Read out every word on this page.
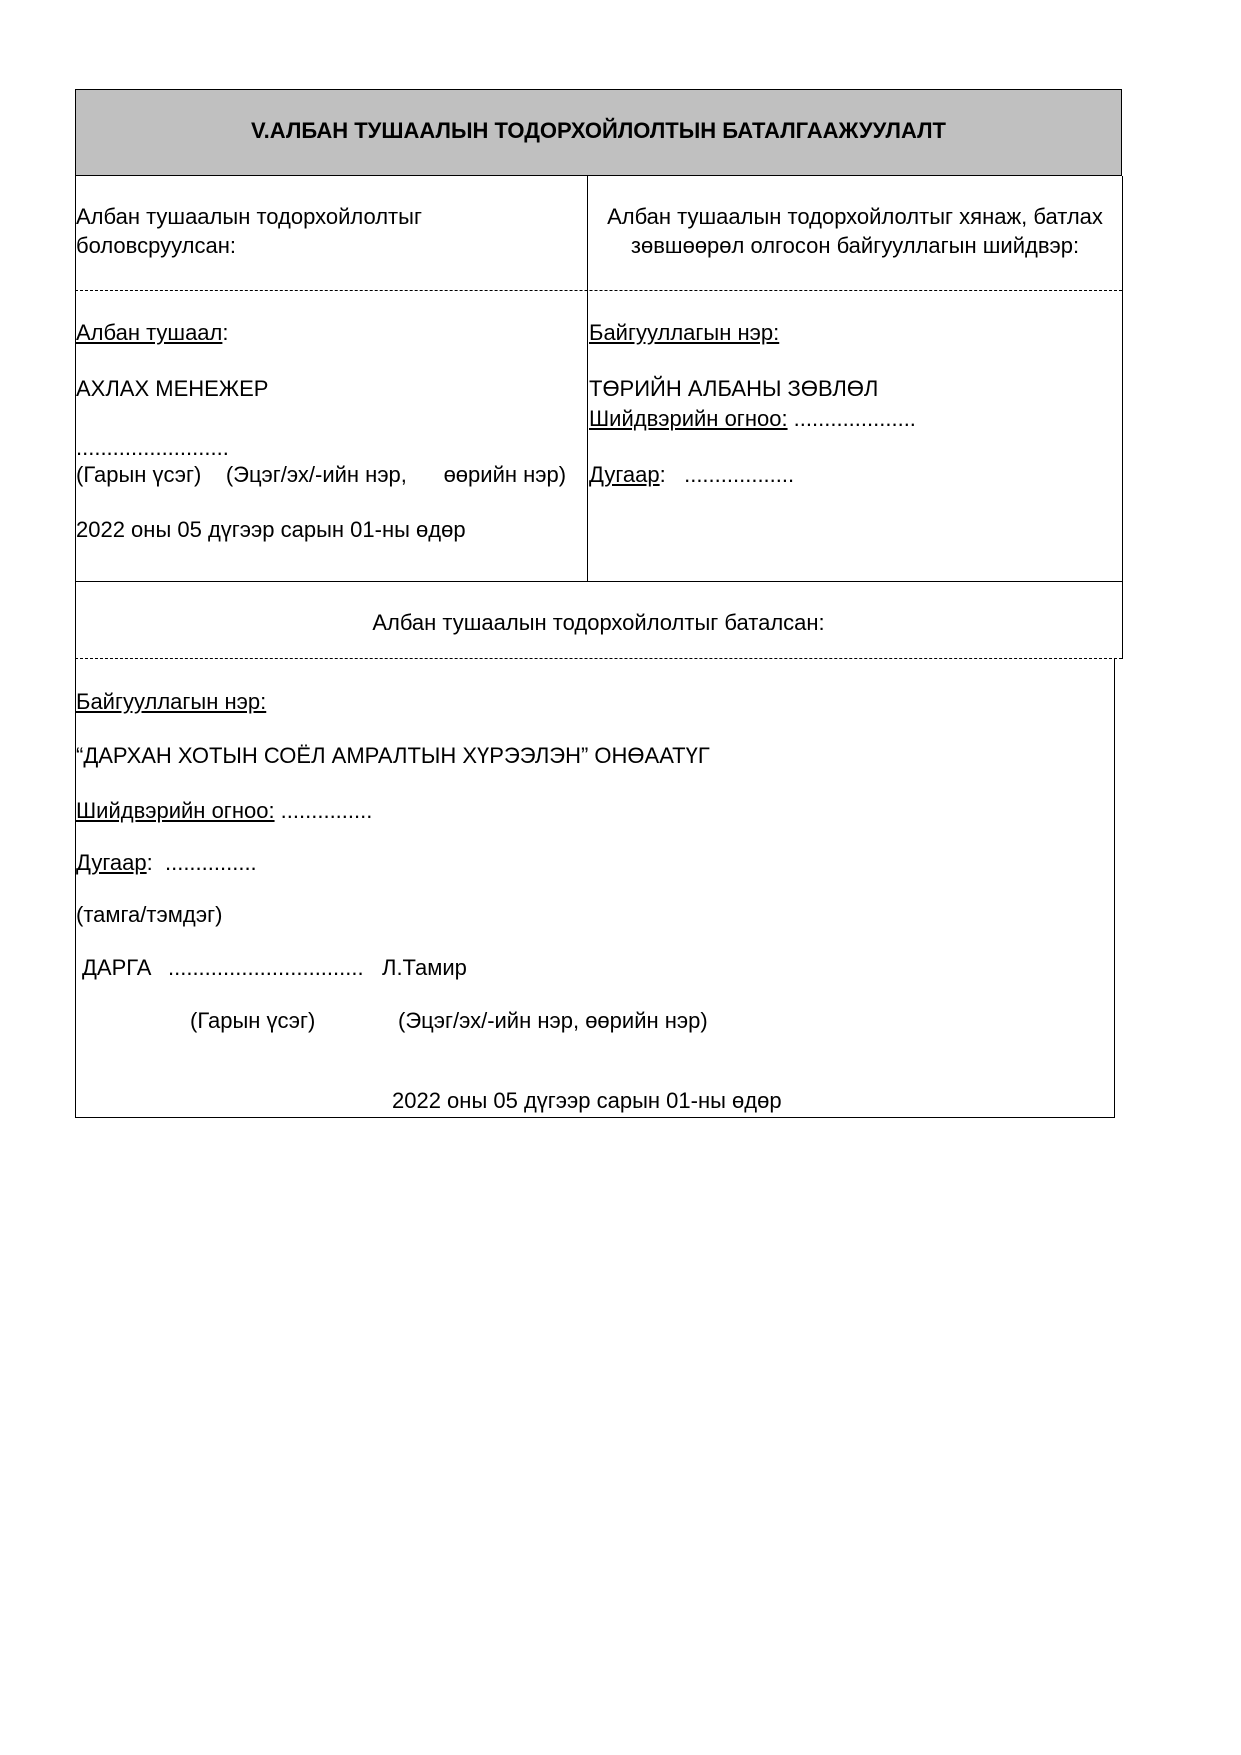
V.АЛБАН ТУШААЛЫН ТОДОРХОЙЛОЛТЫН БАТАЛГААЖУУЛАЛТ
Албан тушаалын тодорхойлолтыг
боловсруулсан:
Албан тушаалын тодорхойлолтыг хянаж, батлах
зөвшөөрөл олгосон байгууллагын шийдвэр:
Албан тушаал:
АХЛАХ МЕНЕЖЕР
.........................
(Гарын үсэг)    (Эцэг/эх/-ийн нэр,      өөрийн нэр)
2022 оны 05 дүгээр сарын 01-ны өдөр
Байгууллагын нэр:
ТӨРИЙН АЛБАНЫ ЗӨВЛӨЛ
Шийдвэрийн огноо: ....................
Дугаар:   ..................
Албан тушаалын тодорхойлолтыг баталсан:
Байгууллагын нэр:
“ДАРХАН ХОТЫН СОЁЛ АМРАЛТЫН ХҮРЭЭЛЭН” ОНӨААТҮГ
Шийдвэрийн огноо: ...............
Дугаар:  ...............
(тамга/тэмдэг)
ДАРГА ................................ Л.Тамир
(Гарын үсэг)	(Эцэг/эх/-ийн нэр, өөрийн нэр)
2022 оны 05 дүгээр сарын 01-ны өдөр
